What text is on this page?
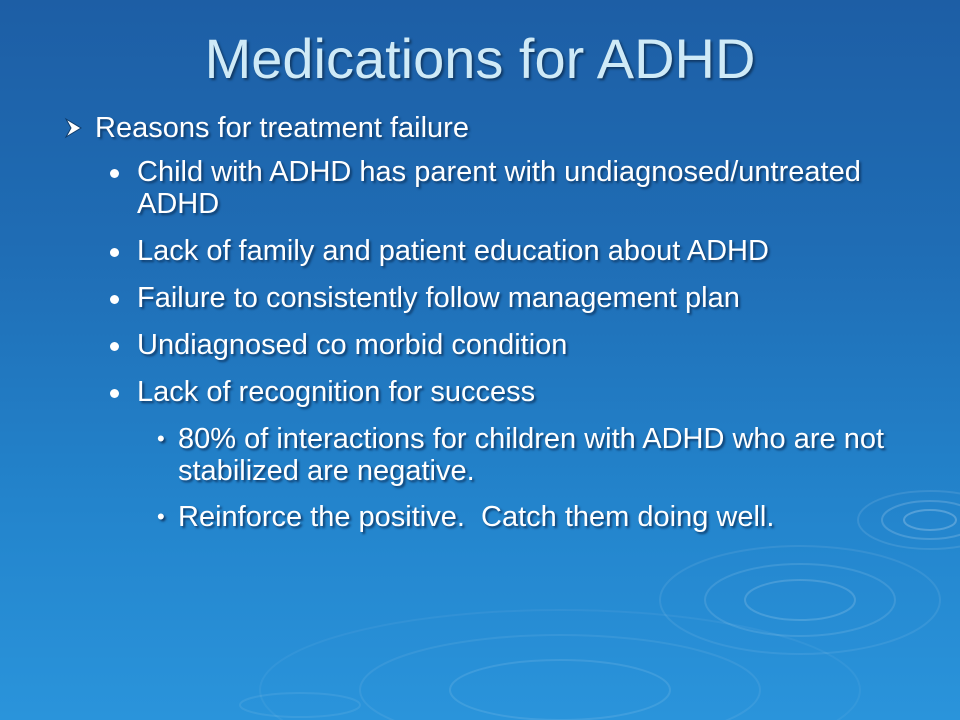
Medications for ADHD
Reasons for treatment failure
Child with ADHD has parent with undiagnosed/untreated ADHD
Lack of family and patient education about ADHD
Failure to consistently follow management plan
Undiagnosed co morbid condition
Lack of recognition for success
• 80% of interactions for children with ADHD who are not stabilized are negative.
• Reinforce the positive.  Catch them doing well.
